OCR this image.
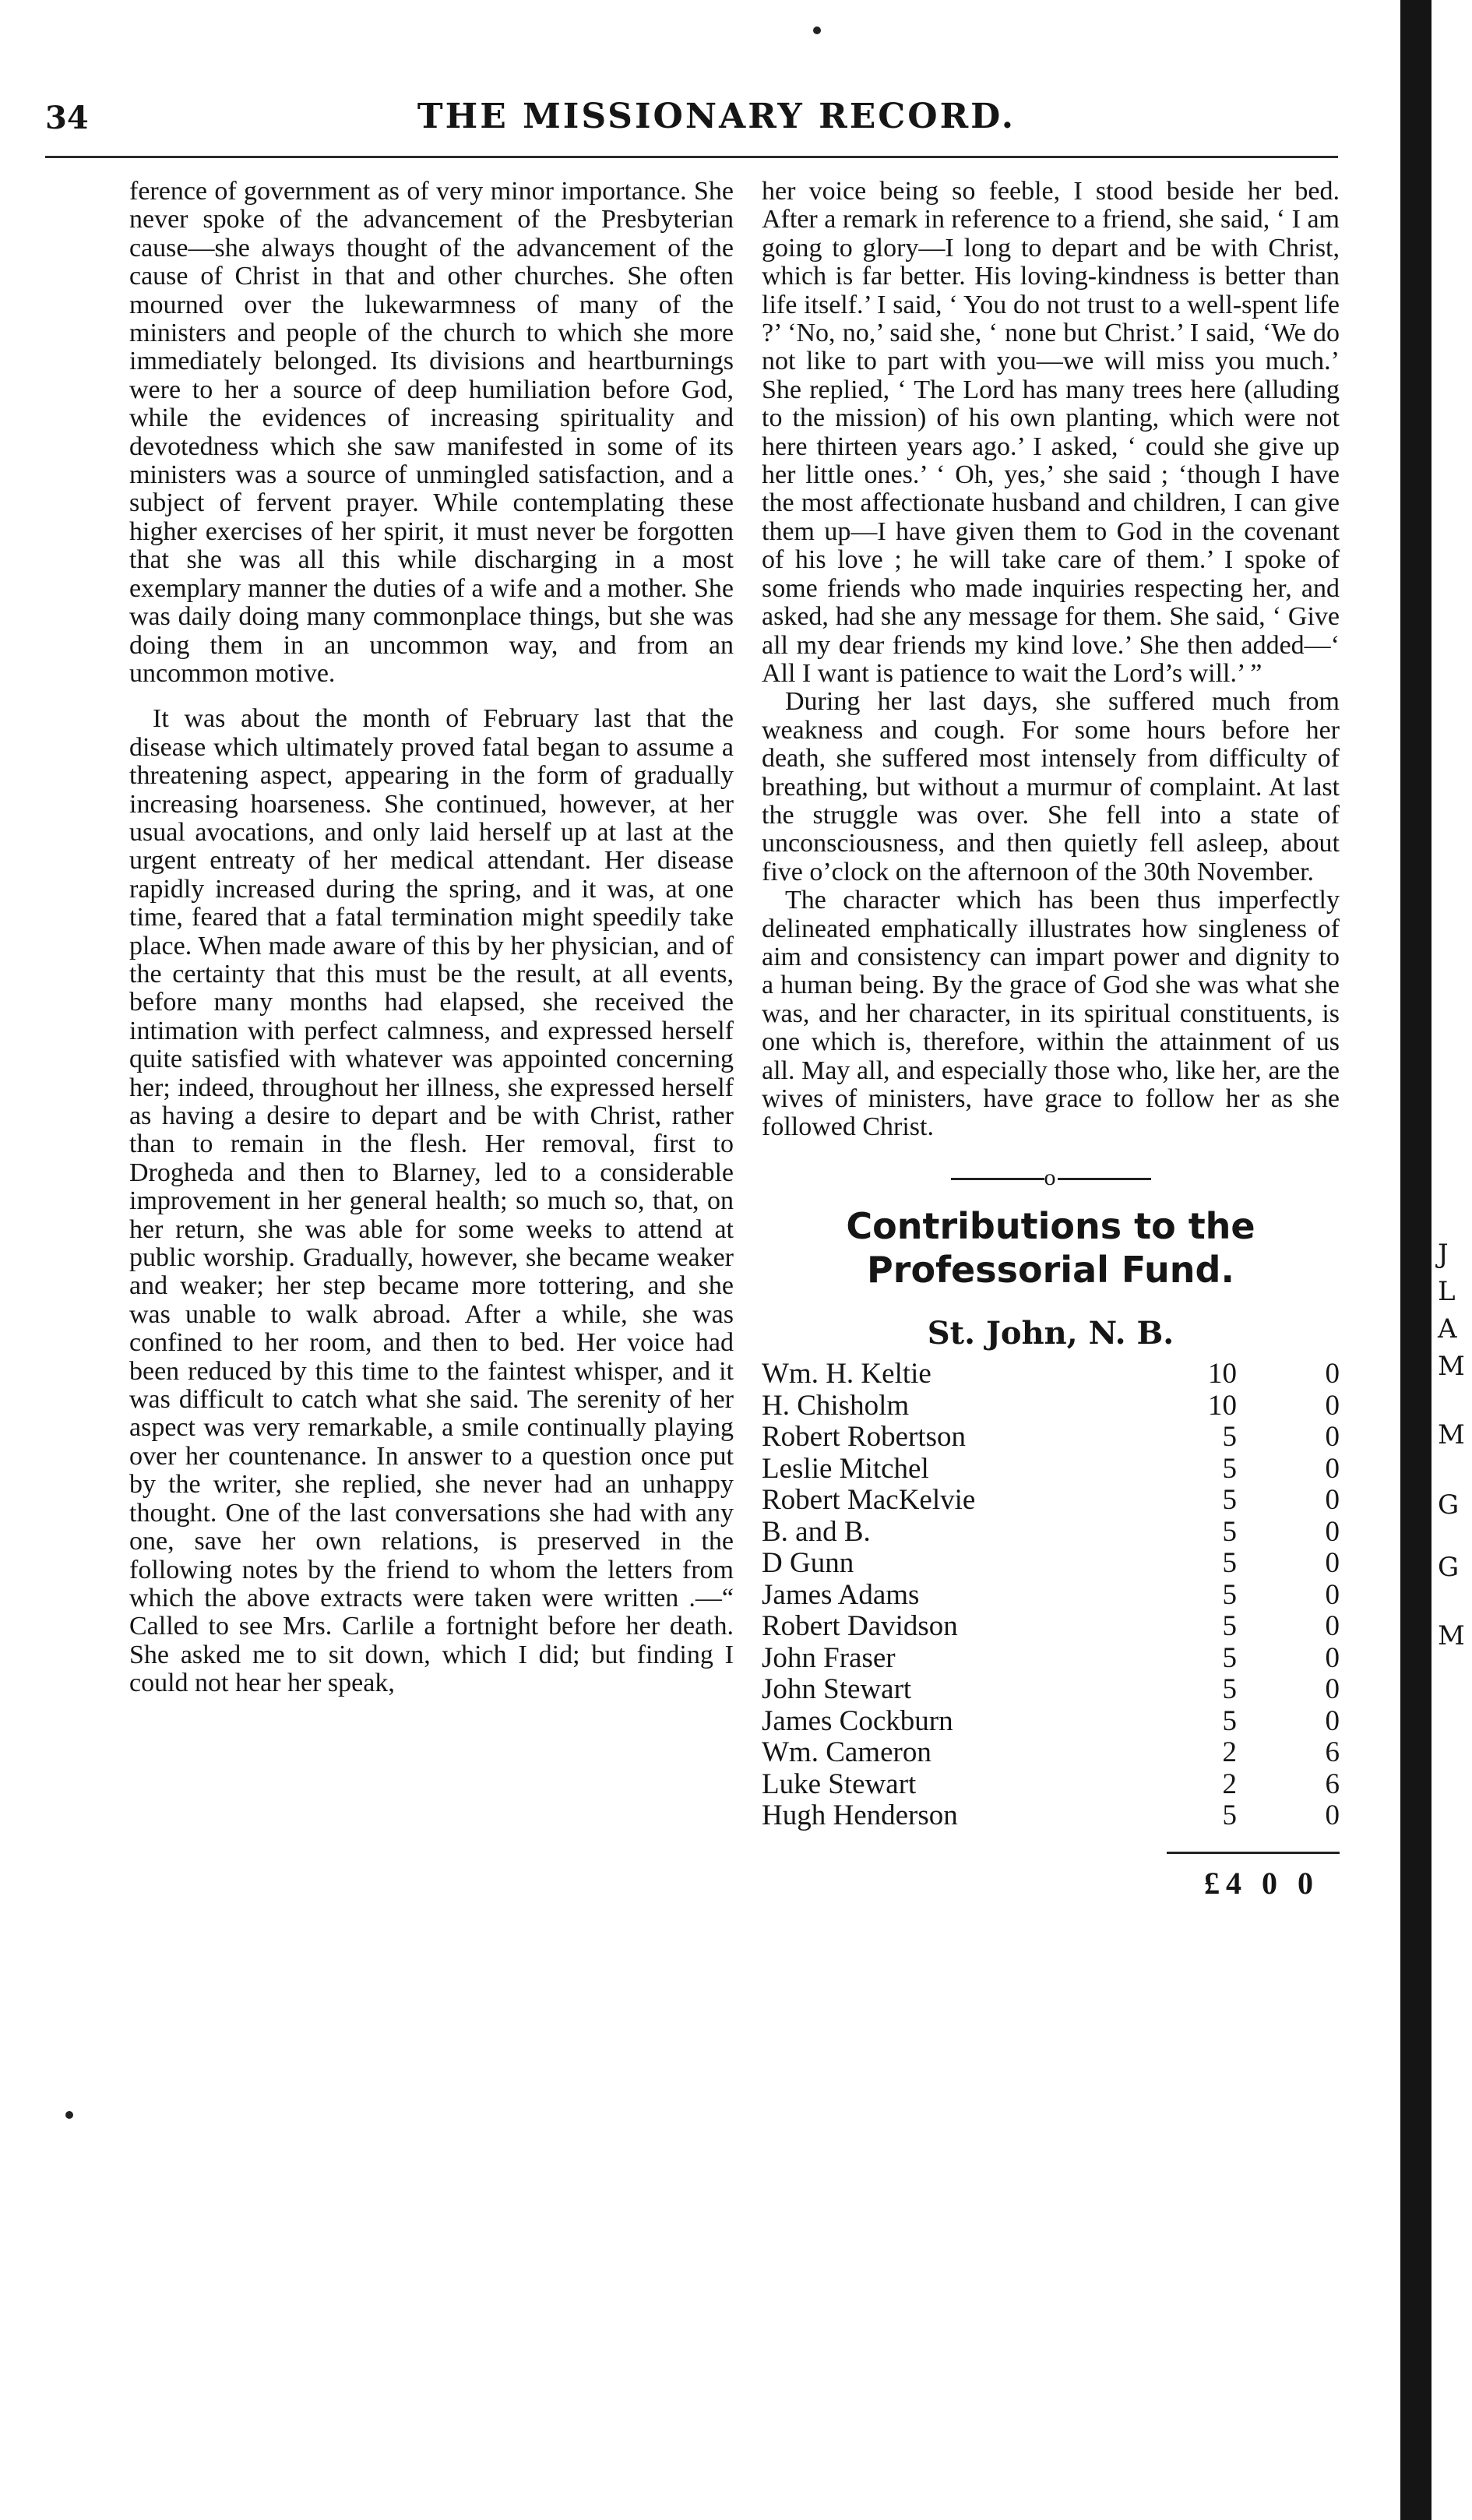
34	THE MISSIONARY RECORD.

ference of government as of very minor importance. She never spoke of the advancement of the Presbyterian cause—she always thought of the advancement of the cause of Christ in that and other churches. She often mourned over the lukewarmness of many of the ministers and people of the church to which she more immediately belonged. Its divisions and heartburnings were to her a source of deep humiliation before God, while the evidences of increasing spirituality and devotedness which she saw manifested in some of its ministers was a source of unmingled satisfaction, and a subject of fervent prayer. While contemplating these higher exercises of her spirit, it must never be forgotten that she was all this while discharging in a most exemplary manner the duties of a wife and a mother. She was daily doing many commonplace things, but she was doing them in an uncommon way, and from an uncommon motive.

It was about the month of February last that the disease which ultimately proved fatal began to assume a threatening aspect, appearing in the form of gradually increasing hoarseness. She continued, however, at her usual avocations, and only laid herself up at last at the urgent entreaty of her medical attendant. Her disease rapidly increased during the spring, and it was, at one time, feared that a fatal termination might speedily take place. When made aware of this by her physician, and of the certainty that this must be the result, at all events, before many months had elapsed, she received the intimation with perfect calmness, and expressed herself quite satisfied with whatever was appointed concerning her; indeed, throughout her illness, she expressed herself as having a desire to depart and be with Christ, rather than to remain in the flesh. Her removal, first to Drogheda and then to Blarney, led to a considerable improvement in her general health; so much so, that, on her return, she was able for some weeks to attend at public worship. Gradually, however, she became weaker and weaker; her step became more tottering, and she was unable to walk abroad. After a while, she was confined to her room, and then to bed. Her voice had been reduced by this time to the faintest whisper, and it was difficult to catch what she said. The serenity of her aspect was very remarkable, a smile continually playing over her countenance. In answer to a question once put by the writer, she replied, she never had an unhappy thought. One of the last conversations she had with any one, save her own relations, is preserved in the following notes by the friend to whom the letters from which the above extracts were taken were written .—“ Called to see Mrs. Carlile a fortnight before her death. She asked me to sit down, which I did; but finding I could not hear her speak,

her voice being so feeble, I stood beside her bed. After a remark in reference to a friend, she said, ‘ I am going to glory—I long to depart and be with Christ, which is far better. His loving-kindness is better than life itself.’ I said, ‘ You do not trust to a well-spent life ?’ ‘No, no,’ said she, ‘ none but Christ.’ I said, ‘We do not like to part with you—we will miss you much.’ She replied, ‘ The Lord has many trees here (alluding to the mission) of his own planting, which were not here thirteen years ago.’ I asked, ‘ could she give up her little ones.’ ‘ Oh, yes,’ she said ; ‘though I have the most affectionate husband and children, I can give them up—I have given them to God in the covenant of his love ; he will take care of them.’ I spoke of some friends who made inquiries respecting her, and asked, had she any message for them. She said, ‘ Give all my dear friends my kind love.’ She then added—‘ All I want is patience to wait the Lord’s will.’ ”

During her last days, she suffered much from weakness and cough. For some hours before her death, she suffered most intensely from difficulty of breathing, but without a murmur of complaint. At last the struggle was over. She fell into a state of unconsciousness, and then quietly fell asleep, about five o’clock on the afternoon of the 30th November.

The character which has been thus imperfectly delineated emphatically illustrates how singleness of aim and consistency can impart power and dignity to a human being. By the grace of God she was what she was, and her character, in its spiritual constituents, is one which is, therefore, within the attainment of us all. May all, and especially those who, like her, are the wives of ministers, have grace to follow her as she followed Christ.

o
Contributions to the Professorial Fund.
St. John, N. B.
Wm. H. Keltie	10	0
H. Chisholm	10	0
Robert Robertson	5	0
Leslie Mitchel	5	0
Robert MacKelvie	5	0
B. and B.	5	0
D Gunn	5	0
James Adams	5	0
Robert Davidson	5	0
John Fraser	5	0
John Stewart	5	0
James Cockburn	5	0
Wm. Cameron	2	6
Luke Stewart	2	6
Hugh Henderson	5	0
£4 0 0
J
L
A
M
M
G
G
M
